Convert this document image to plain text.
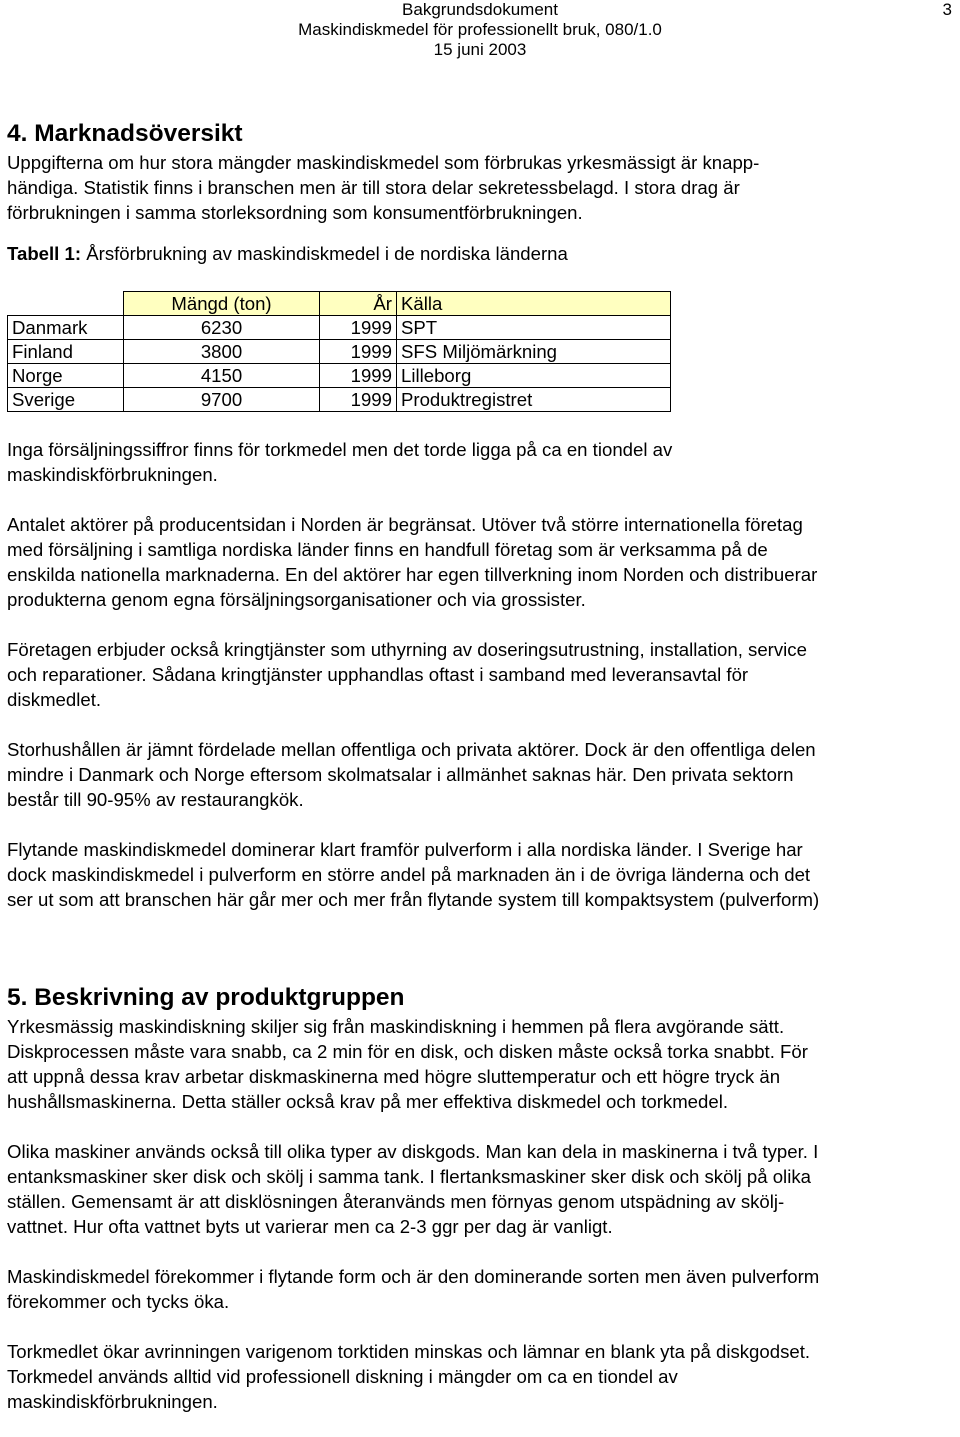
Bakgrundsdokument
Maskindiskmedel för professionellt bruk, 080/1.0
15 juni 2003
3
4. Marknadsöversikt

Uppgifterna om hur stora mängder maskindiskmedel som förbrukas yrkesmässigt är knapp-
händiga. Statistik finns i branschen men är till stora delar sekretessbelagd. I stora drag är
förbrukningen i samma storleksordning som konsumentförbrukningen.

Tabell 1: Årsförbrukning av maskindiskmedel i de nordiska länderna
	Mängd (ton)	År	Källa
Danmark	6230	1999	SPT
Finland	3800	1999	SFS Miljömärkning
Norge	4150	1999	Lilleborg
Sverige	9700	1999	Produktregistret

Inga försäljningssiffror finns för torkmedel men det torde ligga på ca en tiondel av
maskindiskförbrukningen.

Antalet aktörer på producentsidan i Norden är begränsat. Utöver två större internationella företag
med försäljning i samtliga nordiska länder finns en handfull företag som är verksamma på de
enskilda nationella marknaderna. En del aktörer har egen tillverkning inom Norden och distribuerar
produkterna genom egna försäljningsorganisationer och via grossister.

Företagen erbjuder också kringtjänster som uthyrning av doseringsutrustning, installation, service
och reparationer. Sådana kringtjänster upphandlas oftast i samband med leveransavtal för
diskmedlet.

Storhushållen är jämnt fördelade mellan offentliga och privata aktörer. Dock är den offentliga delen
mindre i Danmark och Norge eftersom skolmatsalar i allmänhet saknas här. Den privata sektorn
består till 90-95% av restaurangkök.

Flytande maskindiskmedel dominerar klart framför pulverform i alla nordiska länder. I Sverige har
dock maskindiskmedel i pulverform en större andel på marknaden än i de övriga länderna och det
ser ut som att branschen här går mer och mer från flytande system till kompaktsystem (pulverform)

5. Beskrivning av produktgruppen

Yrkesmässig maskindiskning skiljer sig från maskindiskning i hemmen på flera avgörande sätt.
Diskprocessen måste vara snabb, ca 2 min för en disk, och disken måste också torka snabbt. För
att uppnå dessa krav arbetar diskmaskinerna med högre sluttemperatur och ett högre tryck än
hushållsmaskinerna. Detta ställer också krav på mer effektiva diskmedel och torkmedel.

Olika maskiner används också till olika typer av diskgods. Man kan dela in maskinerna i två typer. I
entanksmaskiner sker disk och skölj i samma tank. I flertanksmaskiner sker disk och skölj på olika
ställen. Gemensamt är att disklösningen återanvänds men förnyas genom utspädning av skölj-
vattnet. Hur ofta vattnet byts ut varierar men ca 2-3 ggr per dag är vanligt.

Maskindiskmedel förekommer i flytande form och är den dominerande sorten men även pulverform
förekommer och tycks öka.

Torkmedlet ökar avrinningen varigenom torktiden minskas och lämnar en blank yta på diskgodset.
Torkmedel används alltid vid professionell diskning i mängder om ca en tiondel av
maskindiskförbrukningen.
